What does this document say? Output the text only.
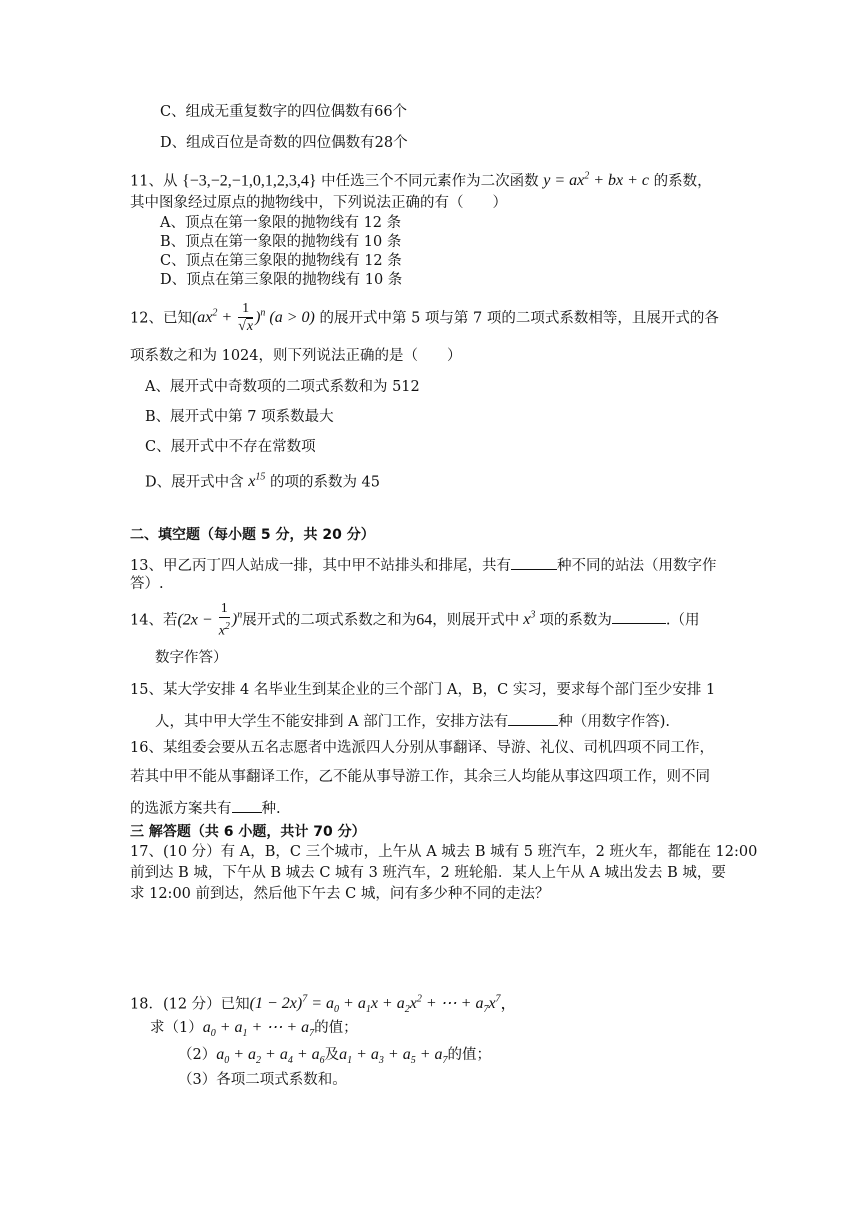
C、组成无重复数字的四位偶数有66个
D、组成百位是奇数的四位偶数有28个
11、从 {−3,−2,−1,0,1,2,3,4} 中任选三个不同元素作为二次函数 $y = ax^2$ + bx + c 的系数，
其中图象经过原点的抛物线中，下列说法正确的有（　　）
A、顶点在第一象限的抛物线有 12 条
B、顶点在第一象限的抛物线有 10 条
C、顶点在第三象限的抛物线有 12 条
D、顶点在第三象限的抛物线有 10 条
12、已知$(ax^2 + \frac{1}{√x} )^n$ (a > 0) 的展开式中第 5 项与第 7 项的二项式系数相等，且展开式的各
项系数之和为 1024，则下列说法正确的是（　　）
A、展开式中奇数项的二项式系数和为 512
B、展开式中第 7 项系数最大
C、展开式中不存在常数项
D、展开式中含 $x^{15}$ 的项的系数为 45
二、填空题（每小题 5 分，共 20 分）
13、甲乙丙丁四人站成一排，其中甲不站排头和排尾，共有	种不同的站法（用数字作
答）.
14、若$(2x - \frac{1}{x^2} )^n$展开式的二项式系数之和为64，则展开式中 $x^3$ 项的系数为	.（用
数字作答）
15、某大学安排 4 名毕业生到某企业的三个部门 A，B，C 实习，要求每个部门至少安排 1
人，其中甲大学生不能安排到 A 部门工作，安排方法有	种（用数字作答).
16、某组委会要从五名志愿者中选派四人分别从事翻译、导游、礼仪、司机四项不同工作，
若其中甲不能从事翻译工作，乙不能从事导游工作，其余三人均能从事这四项工作，则不同
的选派方案共有 种.
三 解答题（共 6 小题，共计 70 分）
17、(10 分）有 A，B，C 三个城市，上午从 A 城去 B 城有 5 班汽车，2 班火车，都能在 12:00
前到达 B 城，下午从 B 城去 C 城有 3 班汽车，2 班轮船．某人上午从 A 城出发去 B 城，要
求 12:00 前到达，然后他下午去 C 城，问有多少种不同的走法？
18．(12 分）已知$(1 - 2x)^7 = a_0 + a_1x + a_2x^2$ + ⋯ + $a_7x^7$，
求$(1)a_0 + a_1$ + ⋯ + $a_7$的值；
$(2)a_0 + a_2 + a_4 + a_6$及$a_1 + a_3 + a_5 + a_7$的值；
（3）各项二项式系数和。
